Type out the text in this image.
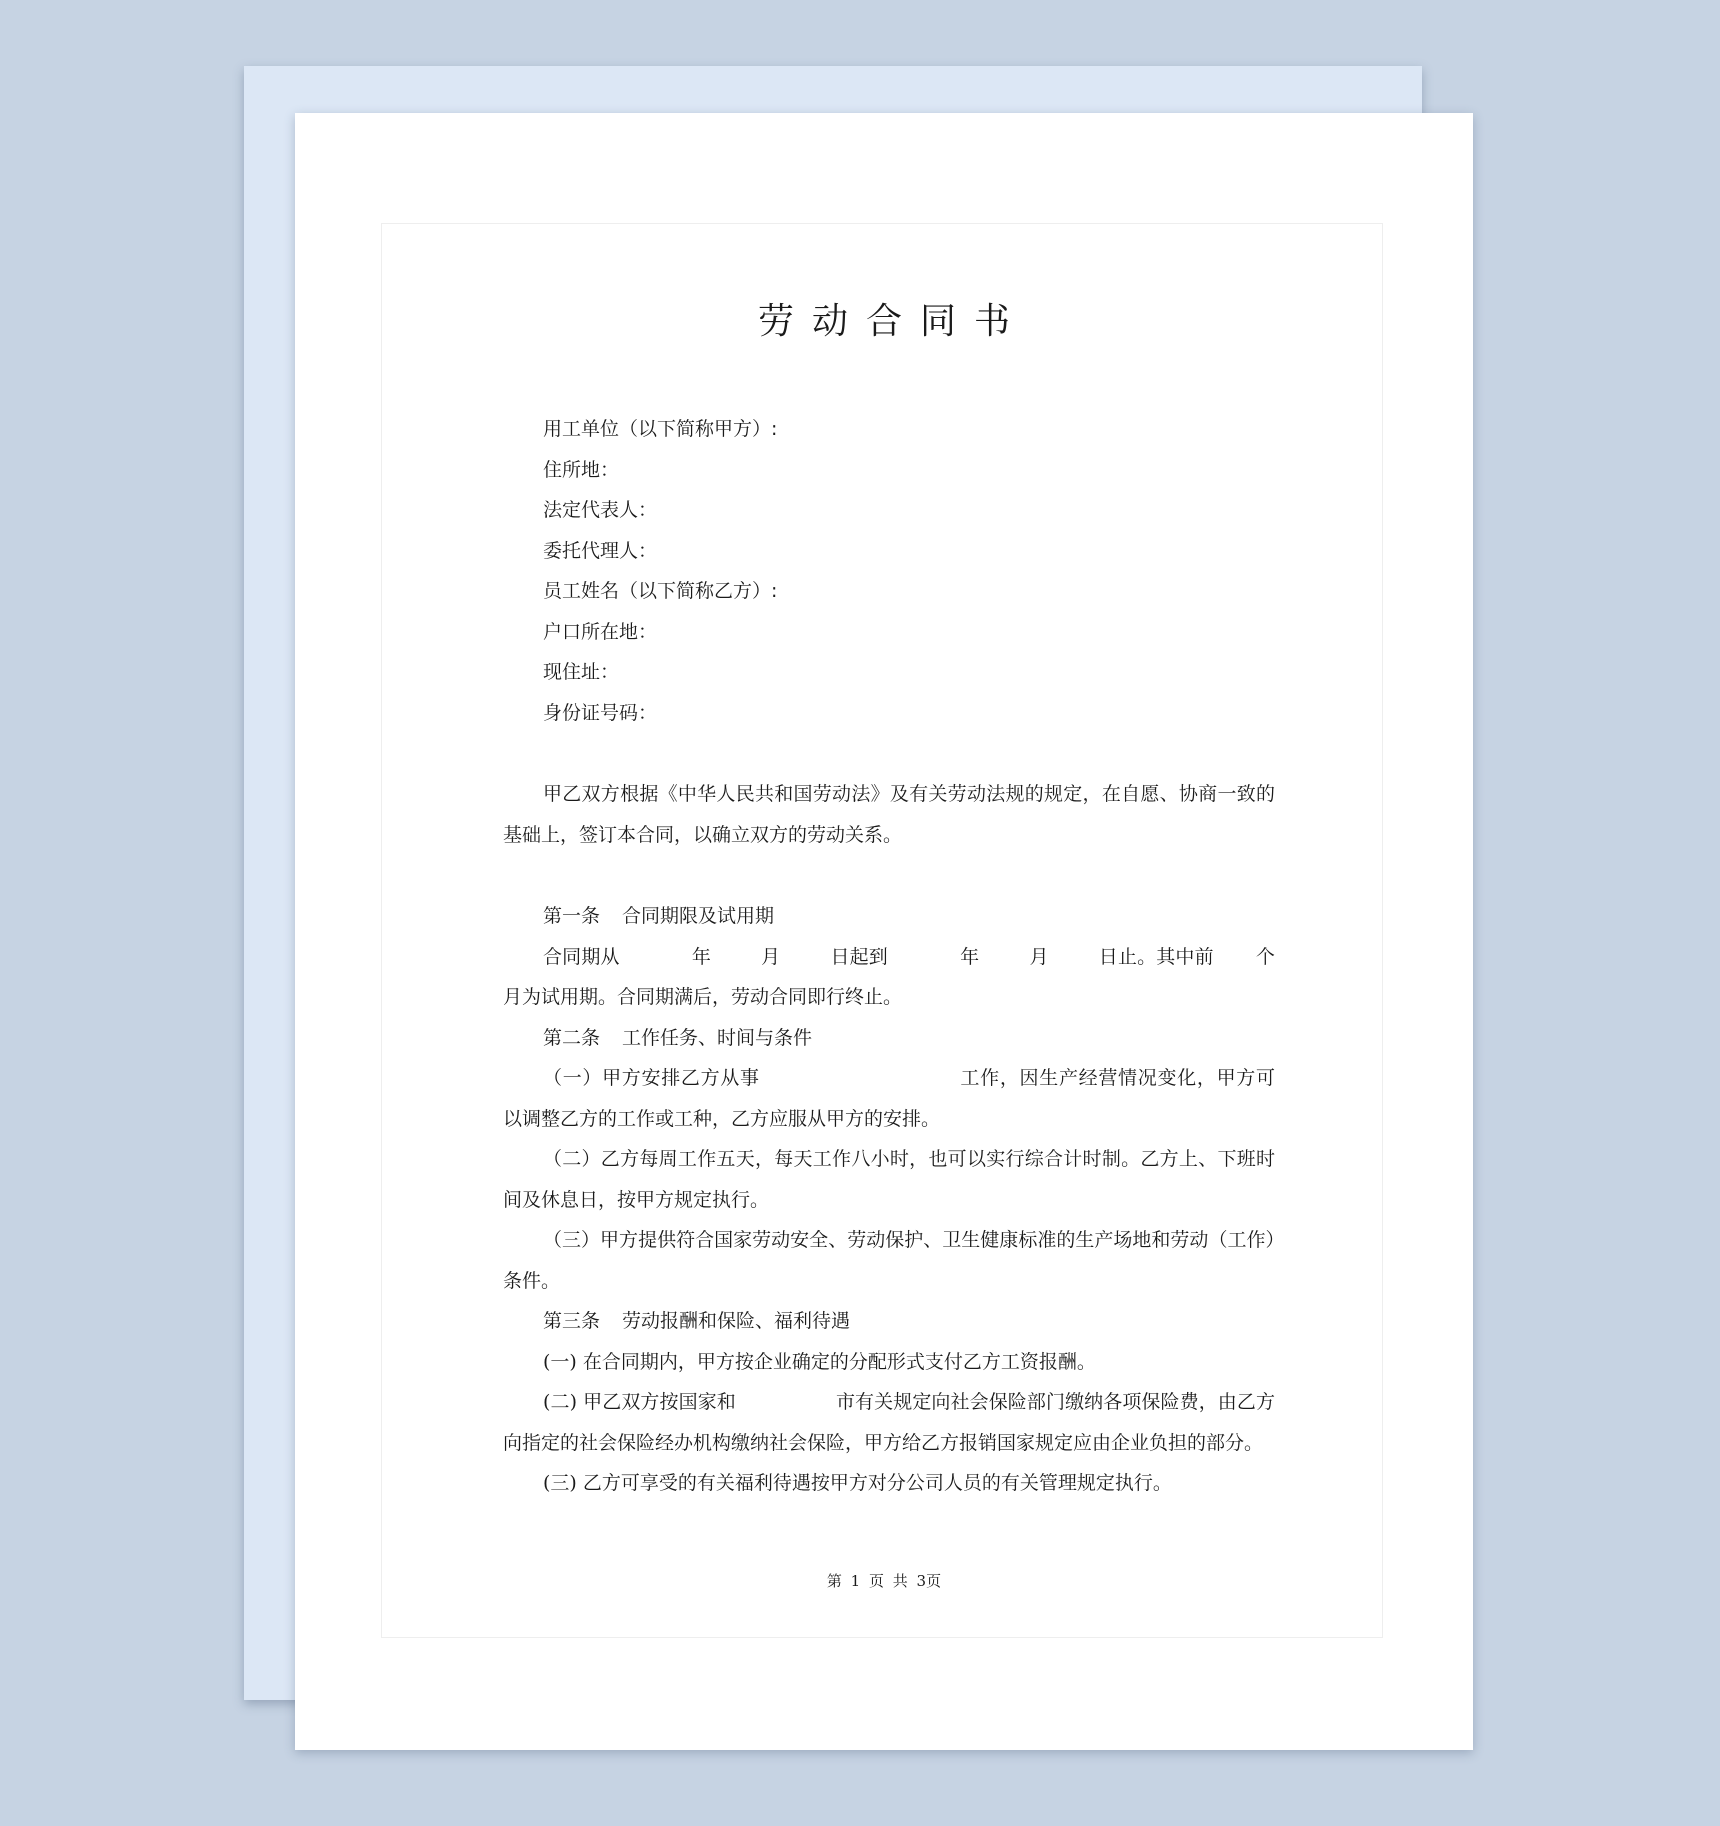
劳动合同书
用工单位（以下简称甲方）:
住所地：
法定代表人：
委托代理人：
员工姓名（以下简称乙方）:
户口所在地：
现住址：
身份证号码：
甲乙双方根据《中华人民共和国劳动法》及有关劳动法规的规定，在自愿、协商一致的基础上，签订本合同，以确立双方的劳动关系。
第一条 合同期限及试用期
合同期从	年	月	日起到	年	月	日止。其中前 个月为试用期。合同期满后，劳动合同即行终止。
第二条 工作任务、时间与条件
（一）甲方安排乙方从事	工作，因生产经营情况变化，甲方可以调整乙方的工作或工种，乙方应服从甲方的安排。
（二）乙方每周工作五天，每天工作八小时，也可以实行综合计时制。乙方上、下班时间及休息日，按甲方规定执行。
（三）甲方提供符合国家劳动安全、劳动保护、卫生健康标准的生产场地和劳动（工作）条件。
第三条 劳动报酬和保险、福利待遇
(一) 在合同期内，甲方按企业确定的分配形式支付乙方工资报酬。
(二) 甲乙双方按国家和	市有关规定向社会保险部门缴纳各项保险费，由乙方向指定的社会保险经办机构缴纳社会保险，甲方给乙方报销国家规定应由企业负担的部分。
(三) 乙方可享受的有关福利待遇按甲方对分公司人员的有关管理规定执行。
第 1 页 共 3页
